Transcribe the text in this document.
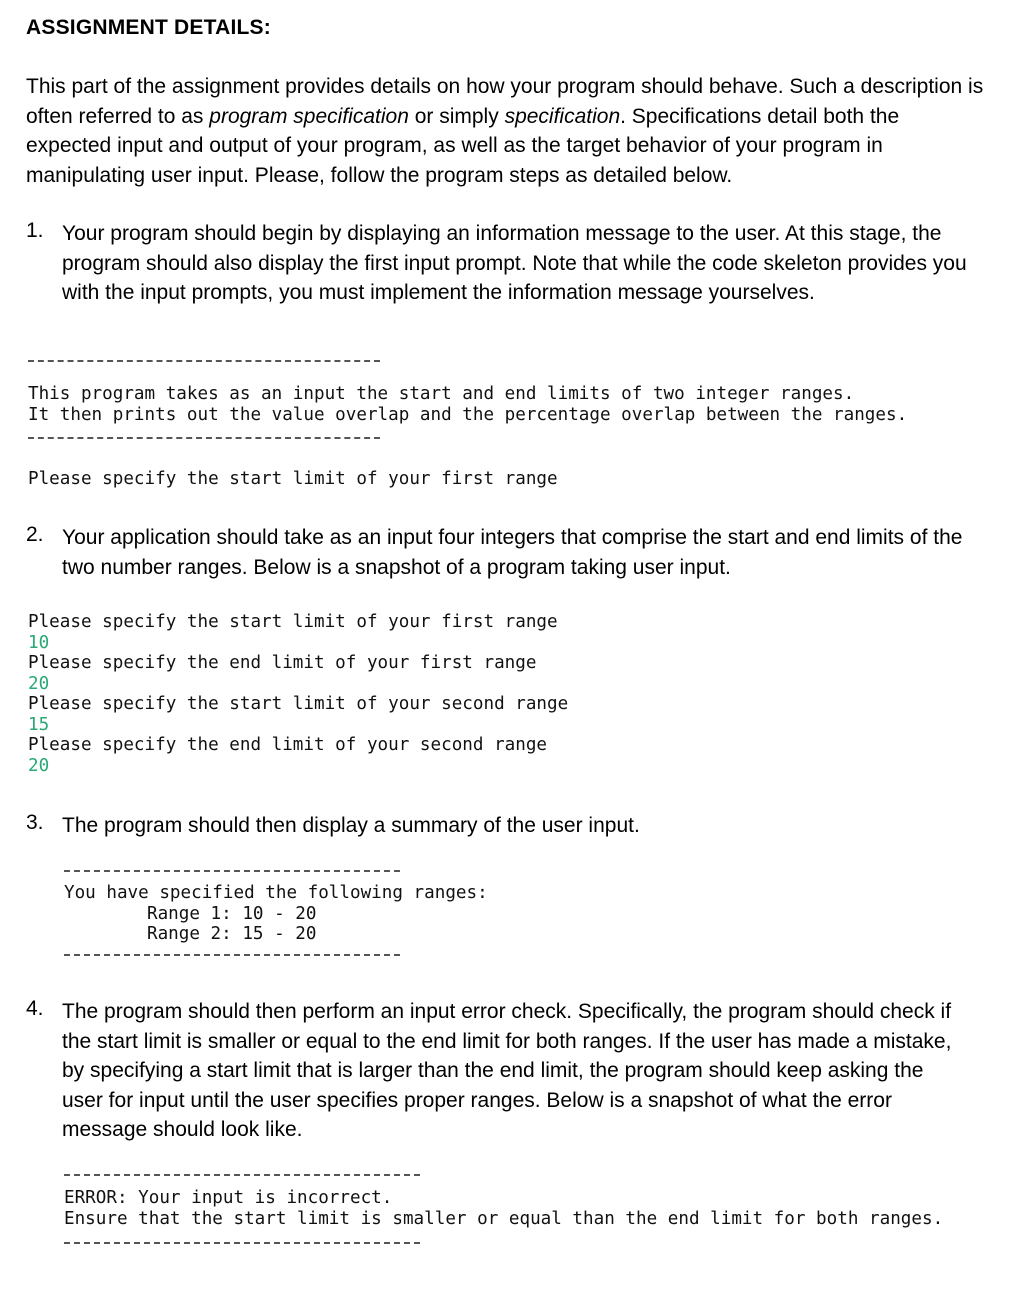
ASSIGNMENT DETAILS:
This part of the assignment provides details on how your program should behave. Such a description is often referred to as program specification or simply specification. Specifications detail both the expected input and output of your program, as well as the target behavior of your program in manipulating user input. Please, follow the program steps as detailed below.
1. Your program should begin by displaying an information message to the user. At this stage, the program should also display the first input prompt. Note that while the code skeleton provides you with the input prompts, you must implement the information message yourselves.
This program takes as an input the start and end limits of two integer ranges.
It then prints out the value overlap and the percentage overlap between the ranges.
Please specify the start limit of your first range
2. Your application should take as an input four integers that comprise the start and end limits of the two number ranges. Below is a snapshot of a program taking user input.
Please specify the start limit of your first range
10
Please specify the end limit of your first range
20
Please specify the start limit of your second range
15
Please specify the end limit of your second range
20
3. The program should then display a summary of the user input.
You have specified the following ranges:
Range 1: 10 - 20
Range 2: 15 - 20
4. The program should then perform an input error check. Specifically, the program should check if the start limit is smaller or equal to the end limit for both ranges. If the user has made a mistake, by specifying a start limit that is larger than the end limit, the program should keep asking the user for input until the user specifies proper ranges. Below is a snapshot of what the error message should look like.
ERROR: Your input is incorrect.
Ensure that the start limit is smaller or equal than the end limit for both ranges.
